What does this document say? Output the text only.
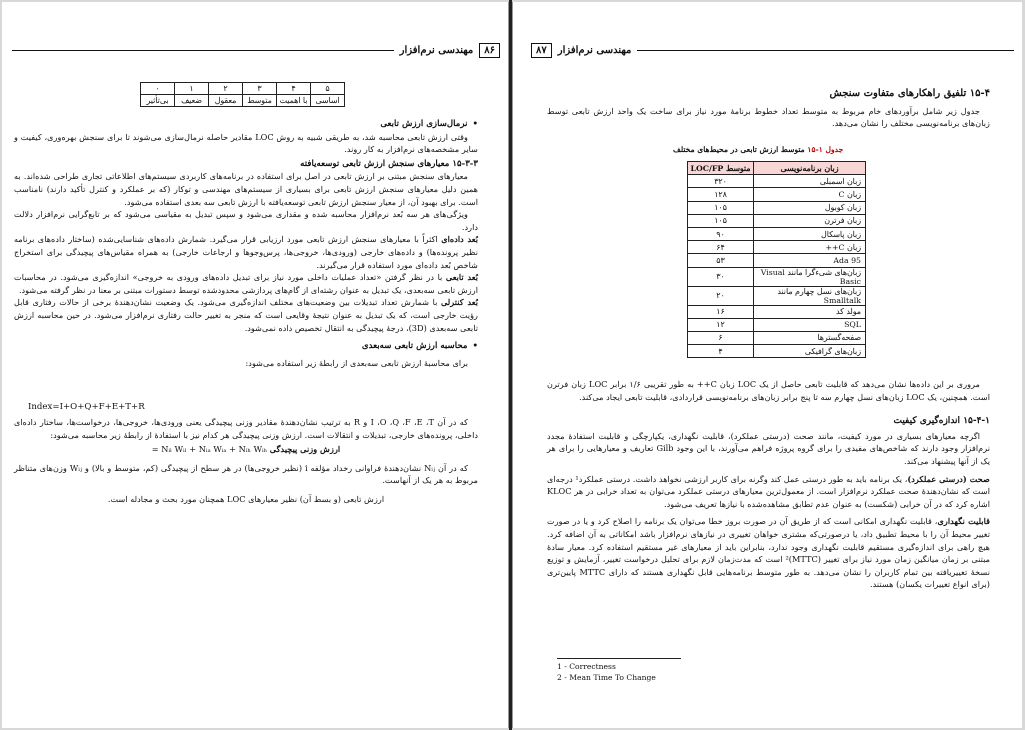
۸۶
مهندسی نرم‌افزار
۵	۴	۳	۲	۱	۰
اساسی	با اهمیت	متوسط	معقول	ضعیف	بی‌تأثیر

• نرمال‌سازی ارزش تابعی

وقتی ارزش تابعی محاسبه شد، به طریقی شبیه به روش LOC مقادیر حاصله نرمال‌سازی می‌شوند تا برای سنجش بهره‌وری، کیفیت و سایر مشخصه‌های نرم‌افزار به کار روند.

۱۵-۳-۳ معیارهای سنجش ارزش تابعی توسعه‌یافته

معیارهای سنجش مبتنی بر ارزش تابعی در اصل برای استفاده در برنامه‌های کاربردی سیستم‌های اطلاعاتی تجاری طراحی شده‌اند. به همین دلیل معیارهای سنجش ارزش تابعی برای بسیاری از سیستم‌های مهندسی و توکار (که بر عملکرد و کنترل تأکید دارند) نامناسب است. برای بهبود آن، از معیار سنجش ارزش تابعی توسعه‌یافته با ارزش تابعی سه بعدی استفاده می‌شود.

ویژگی‌های هر سه بُعد نرم‌افزار محاسبه شده و مقداری می‌شود و سپس تبدیل به مقیاسی می‌شود که بر تابع‌گرایی نرم‌افزار دلالت دارد.

بُعد داده‌ای اکثراً با معیارهای سنجش ارزش تابعی مورد ارزیابی قرار می‌گیرد. شمارش داده‌های شناسایی‌شده (ساختار داده‌های برنامه نظیر پرونده‌ها) و داده‌های خارجی (ورودی‌ها، خروجی‌ها، پرس‌وجوها و ارجاعات خارجی) به همراه مقیاس‌های پیچیدگی برای استخراج شاخص بُعد داده‌ای مورد استفاده قرار می‌گیرند.

بُعد تابعی با در نظر گرفتن «تعداد عملیات داخلی مورد نیاز برای تبدیل داده‌های ورودی به خروجی» اندازه‌گیری می‌شود. در محاسبات ارزش تابعی سه‌بعدی، یک تبدیل به عنوان رشته‌ای از گام‌های پردازشی محدودشده توسط دستورات مبتنی بر معنا در نظر گرفته می‌شود.

بُعد کنترلی با شمارش تعداد تبدیلات بین وضعیت‌های مختلف اندازه‌گیری می‌شود. یک وضعیت نشان‌دهندهٔ برخی از حالات رفتاری قابل رؤیت خارجی است، که یک تبدیل به عنوان نتیجهٔ وقایعی است که منجر به تغییر حالت رفتاری نرم‌افزار می‌شود. در حین محاسبه ارزش تابعی سه‌بعدی (3D)، درجهٔ پیچیدگی به انتقال تخصیص داده نمی‌شود.

• محاسبه ارزش تابعی سه‌بعدی

برای محاسبهٔ ارزش تابعی سه‌بعدی از رابطهٔ زیر استفاده می‌شود:

Index=I+O+Q+F+E+T+R

که در آن I ،O ،Q ،F ،E ،T و R به ترتیب نشان‌دهندهٔ مقادیر وزنی پیچیدگی یعنی ورودی‌ها، خروجی‌ها، درخواست‌ها، ساختار داده‌ای داخلی، پرونده‌های خارجی، تبدیلات و انتقالات است. ارزش وزنی پیچیدگی هر کدام نیز با استفادهٔ از رابطهٔ زیر محاسبه می‌شود:

ارزش وزنی پیچیدگی = Nᵢₗ Wᵢₗ + Nᵢₐ Wᵢₐ + Nᵢₕ Wᵢₕ

که در آن Nᵢⱼ نشان‌دهندهٔ فراوانی رخداد مؤلفه i (نظیر خروجی‌ها) در هر سطح از پیچیدگی (کم، متوسط و بالا) و Wᵢⱼ وزن‌های متناظر مربوط به هر یک از آنهاست.

ارزش تابعی (و بسط آن) نظیر معیارهای LOC همچنان مورد بحث و مجادله است.

مهندسی نرم‌افزار
۸۷

۱۵-۴ تلفیق راهکارهای متفاوت سنجش

جدول زیر شامل برآوردهای خام مربوط به متوسط تعداد خطوط برنامهٔ مورد نیاز برای ساخت یک واحد ارزش تابعی توسط زبان‌های برنامه‌نویسی مختلف را نشان می‌دهد.

جدول ۱-۱۵ متوسط ارزش تابعی در محیط‌های مختلف
زبان برنامه‌نویسی	متوسط LOC/FP
زبان اسمبلی	۳۲۰
زبان C	۱۲۸
زبان کوبول	۱۰۵
زبان فرترن	۱۰۵
زبان پاسکال	۹۰
زبان C++	۶۴
Ada 95	۵۳
زبان‌های شیءگرا مانند Visual Basic	۳۰
زبان‌های نسل چهارم مانند Smalltalk	۲۰
مولد کد	۱۶
SQL	۱۲
صفحه‌گسترها	۶
زبان‌های گرافیکی	۴

مروری بر این داده‌ها نشان می‌دهد که قابلیت تابعی حاصل از یک LOC زبان C++ به طور تقریبی ۱/۶ برابر LOC زبان فرترن است. همچنین، یک LOC زبان‌های نسل چهارم سه تا پنج برابر زبان‌های برنامه‌نویسی قراردادی، قابلیت تابعی ایجاد می‌کند.

۱۵-۴-۱ اندازه‌گیری کیفیت

اگرچه معیارهای بسیاری در مورد کیفیت، مانند صحت (درستی عملکرد)، قابلیت نگهداری، یکپارچگی و قابلیت استفادهٔ مجدد نرم‌افزار وجود دارند که شاخص‌های مفیدی را برای گروه پروژه فراهم می‌آورند، با این وجود Gilb تعاریف و معیارهایی را برای هر یک از آنها پیشنهاد می‌کند.

صحت (درستی عملکرد)، یک برنامه باید به طور درستی عمل کند وگرنه برای کاربر ارزشی نخواهد داشت. درستی عملکرد¹ درجه‌ای است که نشان‌دهندهٔ صحت عملکرد نرم‌افزار است. از معمول‌ترین معیارهای درستی عملکرد می‌توان به تعداد خرابی در هر KLOC اشاره کرد که در آن خرابی (شکست) به عنوان عدم تطابق مشاهده‌شده با نیازها تعریف می‌شود.

قابلیت نگهداری، قابلیت نگهداری امکانی است که از طریق آن در صورت بروز خطا می‌توان یک برنامه را اصلاح کرد و یا در صورت تغییر محیط آن را با محیط تطبیق داد، یا درصورتی‌که مشتری خواهان تغییری در نیازهای نرم‌افزار باشد امکاناتی به آن اضافه کرد. هیچ راهی برای اندازه‌گیری مستقیم قابلیت نگهداری وجود ندارد، بنابراین باید از معیارهای غیر مستقیم استفاده کرد. معیار سادهٔ مبتنی بر زمان میانگین زمان مورد نیاز برای تغییر (MTTC)² است که مدت‌زمان لازم برای تحلیل درخواست تغییر، آزمایش و توزیع نسخهٔ تغییریافته بین تمام کاربران را نشان می‌دهد. به طور متوسط برنامه‌هایی قابل نگهداری هستند که دارای MTTC پایین‌تری (برای انواع تغییرات یکسان) هستند.

1 - Correctness
2 - Mean Time To Change
